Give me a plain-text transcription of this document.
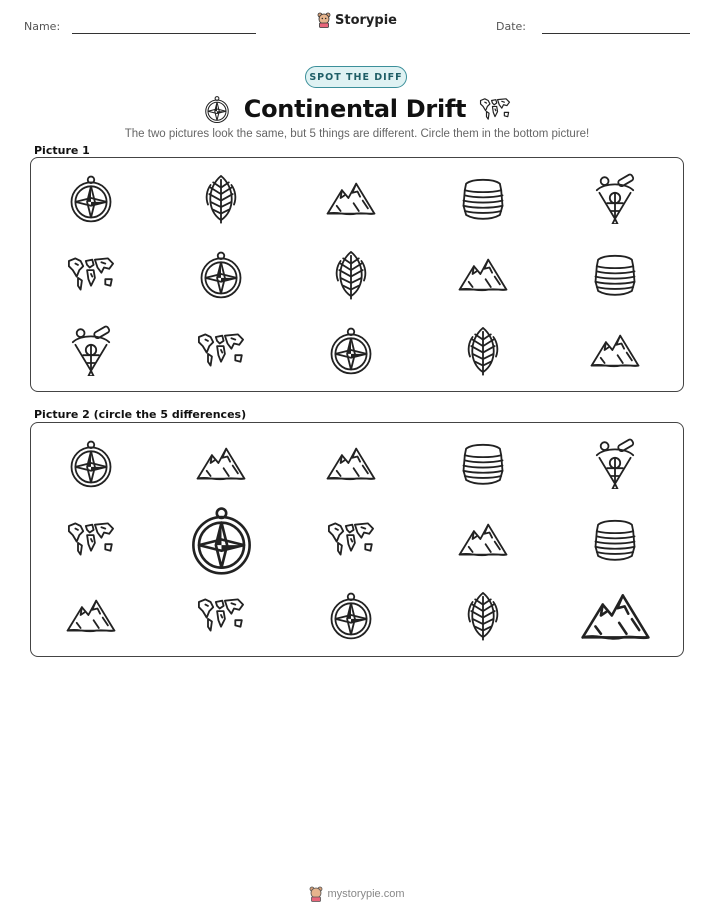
Name:	Storypie	Date:
SPOT THE DIFF
Continental Drift
The two pictures look the same, but 5 things are different. Circle them in the bottom picture!
Picture 1
Picture 2 (circle the 5 differences)
mystorypie.com
